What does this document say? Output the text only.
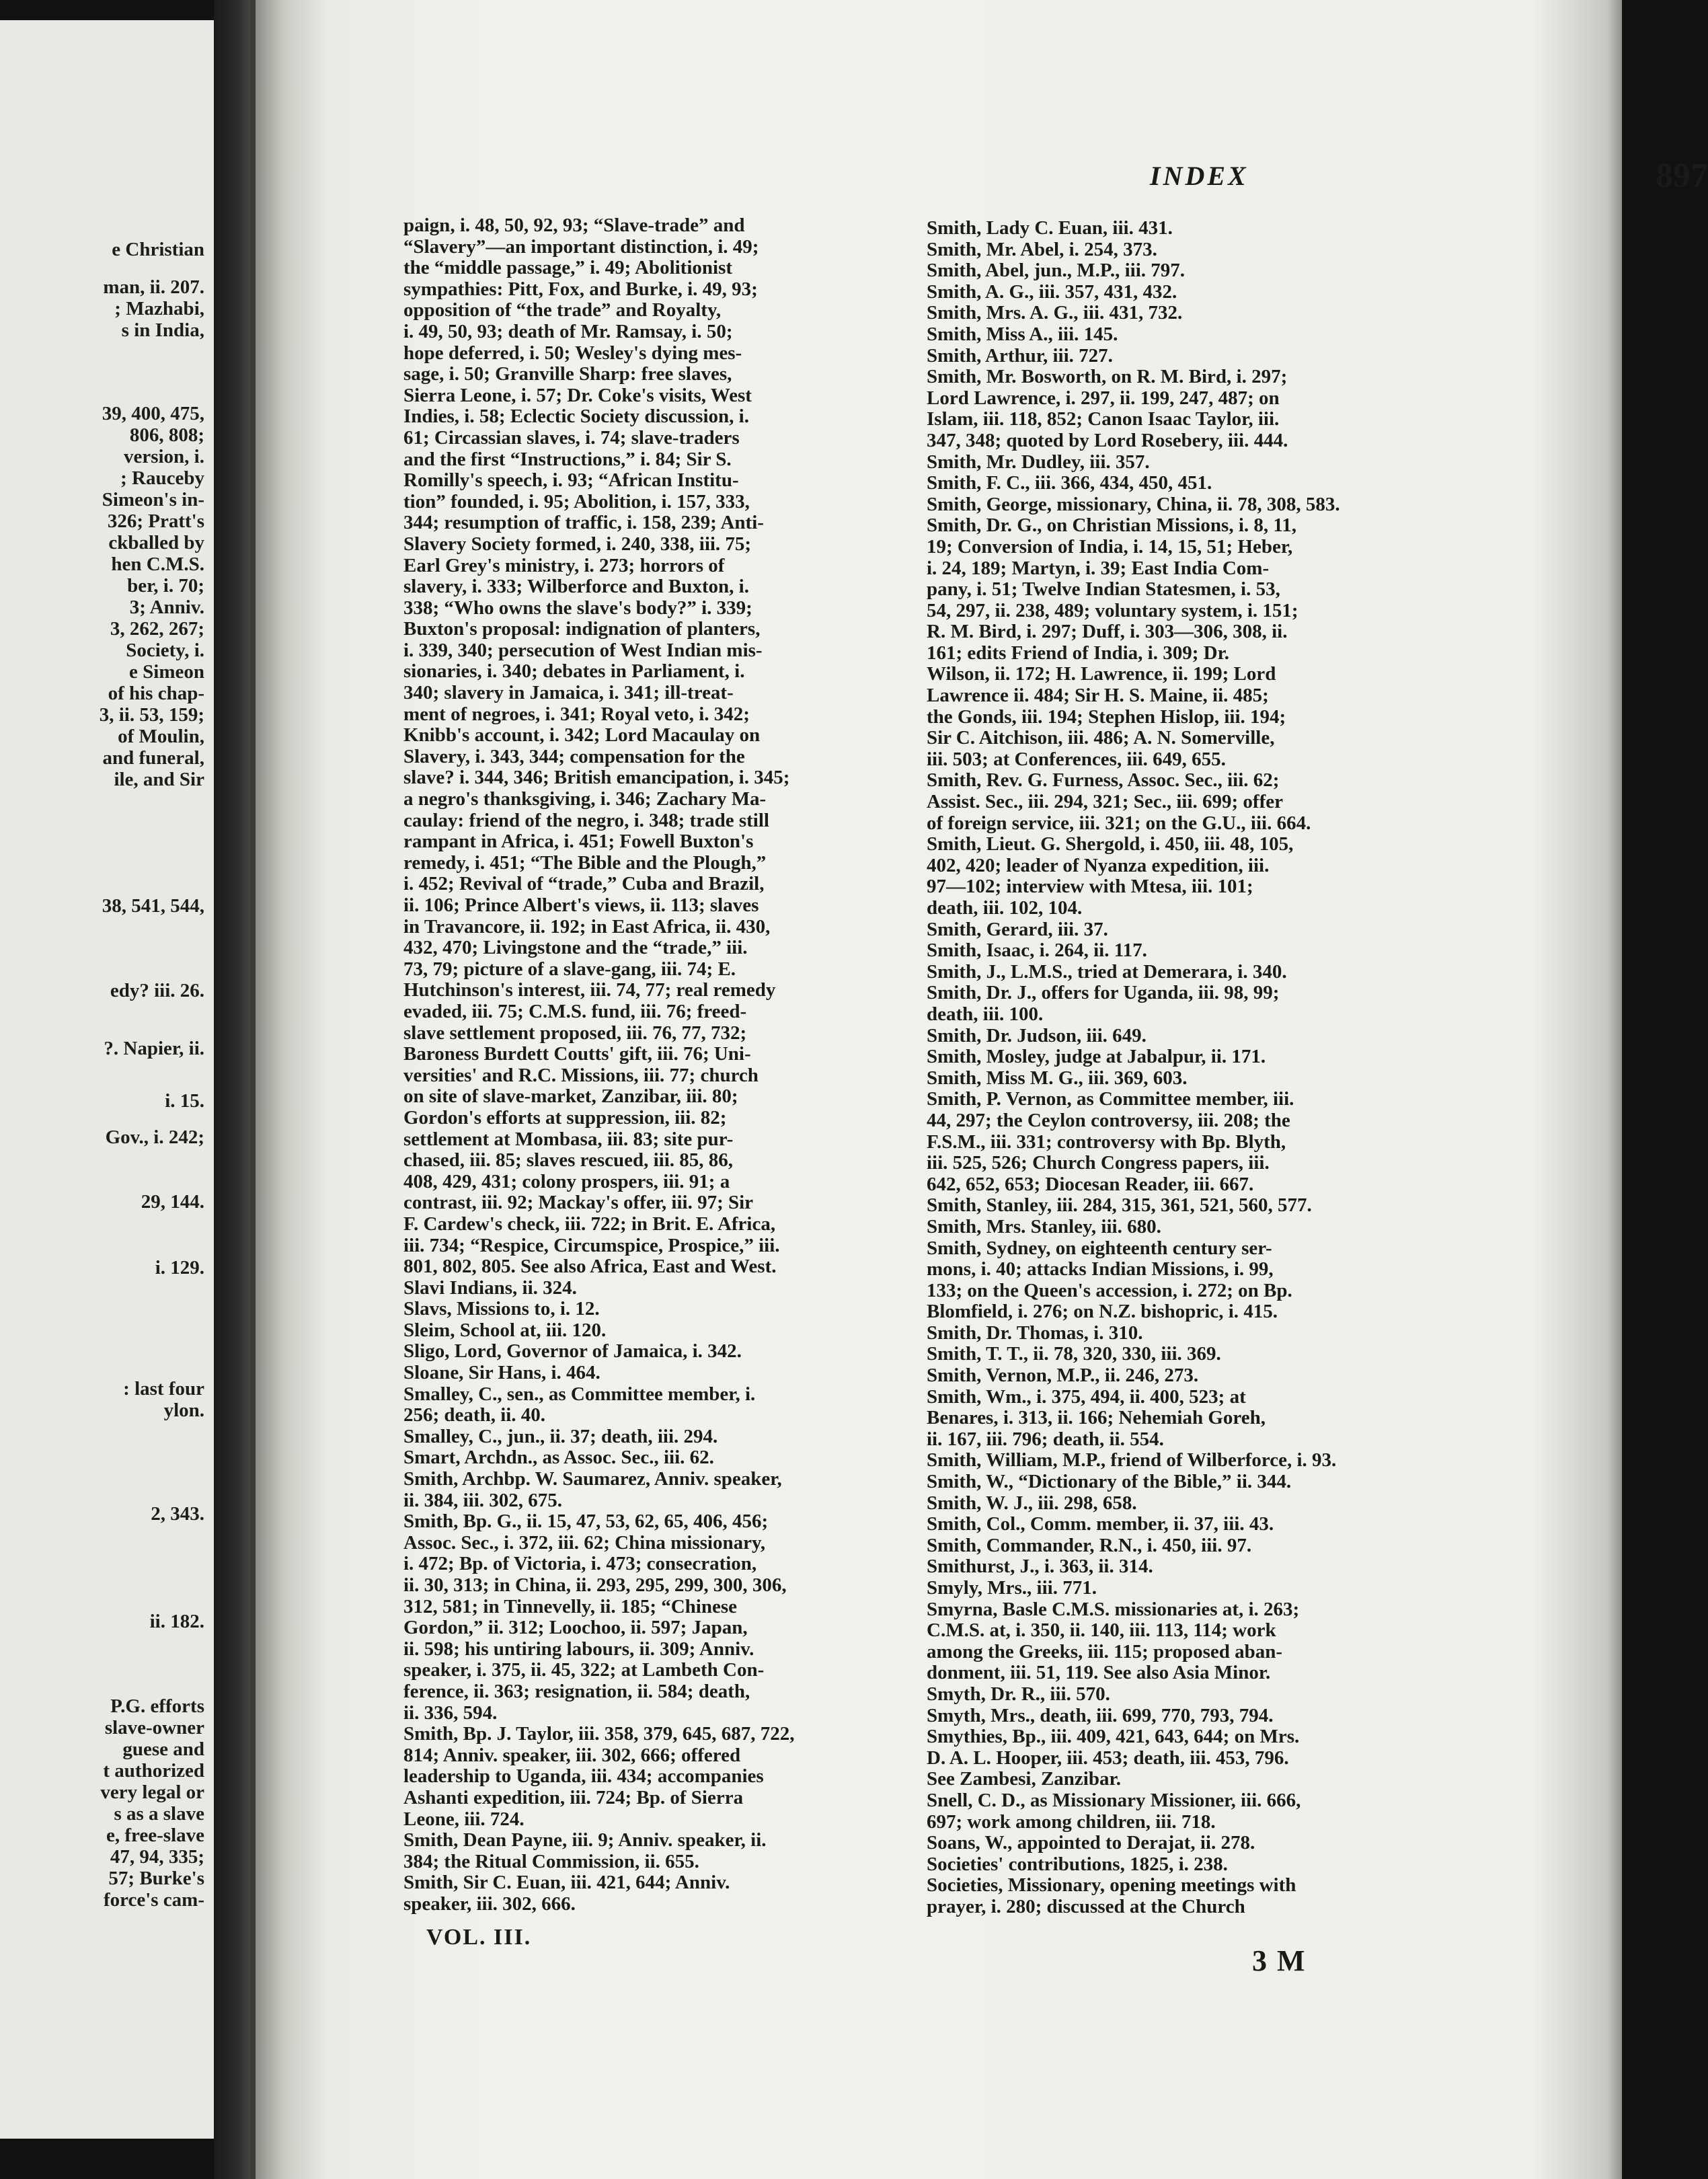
e Christian
man, ii. 207.
; Mazhabi,
s in India,
39, 400, 475,
806, 808;
version, i.
; Rauceby
Simeon's in-
326; Pratt's
ckballed by
hen C.M.S.
ber, i. 70;
3; Anniv.
3, 262, 267;
Society, i.
e Simeon
of his chap-
3, ii. 53, 159;
of Moulin,
and funeral,
ile, and Sir
38, 541, 544,
edy? iii. 26.
?. Napier, ii.
i. 15.
Gov., i. 242;
29, 144.
i. 129.
: last four
ylon.
2, 343.
ii. 182.
P.G. efforts
slave-owner
guese and
t authorized
very legal or
s as a slave
e, free-slave
47, 94, 335;
57; Burke's
force's cam-
INDEX	897
paign, i. 48, 50, 92, 93; “Slave-trade” and
“Slavery”—an important distinction, i. 49;
the “middle passage,” i. 49; Abolitionist
sympathies: Pitt, Fox, and Burke, i. 49, 93;
opposition of “the trade” and Royalty,
i. 49, 50, 93; death of Mr. Ramsay, i. 50;
hope deferred, i. 50; Wesley's dying mes-
sage, i. 50; Granville Sharp: free slaves,
Sierra Leone, i. 57; Dr. Coke's visits, West
Indies, i. 58; Eclectic Society discussion, i.
61; Circassian slaves, i. 74; slave-traders
and the first “Instructions,” i. 84; Sir S.
Romilly's speech, i. 93; “African Institu-
tion” founded, i. 95; Abolition, i. 157, 333,
344; resumption of traffic, i. 158, 239; Anti-
Slavery Society formed, i. 240, 338, iii. 75;
Earl Grey's ministry, i. 273; horrors of
slavery, i. 333; Wilberforce and Buxton, i.
338; “Who owns the slave's body?” i. 339;
Buxton's proposal: indignation of planters,
i. 339, 340; persecution of West Indian mis-
sionaries, i. 340; debates in Parliament, i.
340; slavery in Jamaica, i. 341; ill-treat-
ment of negroes, i. 341; Royal veto, i. 342;
Knibb's account, i. 342; Lord Macaulay on
Slavery, i. 343, 344; compensation for the
slave? i. 344, 346; British emancipation, i. 345;
a negro's thanksgiving, i. 346; Zachary Ma-
caulay: friend of the negro, i. 348; trade still
rampant in Africa, i. 451; Fowell Buxton's
remedy, i. 451; “The Bible and the Plough,”
i. 452; Revival of “trade,” Cuba and Brazil,
ii. 106; Prince Albert's views, ii. 113; slaves
in Travancore, ii. 192; in East Africa, ii. 430,
432, 470; Livingstone and the “trade,” iii.
73, 79; picture of a slave-gang, iii. 74; E.
Hutchinson's interest, iii. 74, 77; real remedy
evaded, iii. 75; C.M.S. fund, iii. 76; freed-
slave settlement proposed, iii. 76, 77, 732;
Baroness Burdett Coutts' gift, iii. 76; Uni-
versities' and R.C. Missions, iii. 77; church
on site of slave-market, Zanzibar, iii. 80;
Gordon's efforts at suppression, iii. 82;
settlement at Mombasa, iii. 83; site pur-
chased, iii. 85; slaves rescued, iii. 85, 86,
408, 429, 431; colony prospers, iii. 91; a
contrast, iii. 92; Mackay's offer, iii. 97; Sir
F. Cardew's check, iii. 722; in Brit. E. Africa,
iii. 734; “Respice, Circumspice, Prospice,” iii.
801, 802, 805. See also Africa, East and West.
Slavi Indians, ii. 324.
Slavs, Missions to, i. 12.
Sleim, School at, iii. 120.
Sligo, Lord, Governor of Jamaica, i. 342.
Sloane, Sir Hans, i. 464.
Smalley, C., sen., as Committee member, i.
256; death, ii. 40.
Smalley, C., jun., ii. 37; death, iii. 294.
Smart, Archdn., as Assoc. Sec., iii. 62.
Smith, Archbp. W. Saumarez, Anniv. speaker,
ii. 384, iii. 302, 675.
Smith, Bp. G., ii. 15, 47, 53, 62, 65, 406, 456;
Assoc. Sec., i. 372, iii. 62; China missionary,
i. 472; Bp. of Victoria, i. 473; consecration,
ii. 30, 313; in China, ii. 293, 295, 299, 300, 306,
312, 581; in Tinnevelly, ii. 185; “Chinese
Gordon,” ii. 312; Loochoo, ii. 597; Japan,
ii. 598; his untiring labours, ii. 309; Anniv.
speaker, i. 375, ii. 45, 322; at Lambeth Con-
ference, ii. 363; resignation, ii. 584; death,
ii. 336, 594.
Smith, Bp. J. Taylor, iii. 358, 379, 645, 687, 722,
814; Anniv. speaker, iii. 302, 666; offered
leadership to Uganda, iii. 434; accompanies
Ashanti expedition, iii. 724; Bp. of Sierra
Leone, iii. 724.
Smith, Dean Payne, iii. 9; Anniv. speaker, ii.
384; the Ritual Commission, ii. 655.
Smith, Sir C. Euan, iii. 421, 644; Anniv.
speaker, iii. 302, 666.
Smith, Lady C. Euan, iii. 431.
Smith, Mr. Abel, i. 254, 373.
Smith, Abel, jun., M.P., iii. 797.
Smith, A. G., iii. 357, 431, 432.
Smith, Mrs. A. G., iii. 431, 732.
Smith, Miss A., iii. 145.
Smith, Arthur, iii. 727.
Smith, Mr. Bosworth, on R. M. Bird, i. 297;
Lord Lawrence, i. 297, ii. 199, 247, 487; on
Islam, iii. 118, 852; Canon Isaac Taylor, iii.
347, 348; quoted by Lord Rosebery, iii. 444.
Smith, Mr. Dudley, iii. 357.
Smith, F. C., iii. 366, 434, 450, 451.
Smith, George, missionary, China, ii. 78, 308, 583.
Smith, Dr. G., on Christian Missions, i. 8, 11,
19; Conversion of India, i. 14, 15, 51; Heber,
i. 24, 189; Martyn, i. 39; East India Com-
pany, i. 51; Twelve Indian Statesmen, i. 53,
54, 297, ii. 238, 489; voluntary system, i. 151;
R. M. Bird, i. 297; Duff, i. 303—306, 308, ii.
161; edits Friend of India, i. 309; Dr.
Wilson, ii. 172; H. Lawrence, ii. 199; Lord
Lawrence ii. 484; Sir H. S. Maine, ii. 485;
the Gonds, iii. 194; Stephen Hislop, iii. 194;
Sir C. Aitchison, iii. 486; A. N. Somerville,
iii. 503; at Conferences, iii. 649, 655.
Smith, Rev. G. Furness, Assoc. Sec., iii. 62;
Assist. Sec., iii. 294, 321; Sec., iii. 699; offer
of foreign service, iii. 321; on the G.U., iii. 664.
Smith, Lieut. G. Shergold, i. 450, iii. 48, 105,
402, 420; leader of Nyanza expedition, iii.
97—102; interview with Mtesa, iii. 101;
death, iii. 102, 104.
Smith, Gerard, iii. 37.
Smith, Isaac, i. 264, ii. 117.
Smith, J., L.M.S., tried at Demerara, i. 340.
Smith, Dr. J., offers for Uganda, iii. 98, 99;
death, iii. 100.
Smith, Dr. Judson, iii. 649.
Smith, Mosley, judge at Jabalpur, ii. 171.
Smith, Miss M. G., iii. 369, 603.
Smith, P. Vernon, as Committee member, iii.
44, 297; the Ceylon controversy, iii. 208; the
F.S.M., iii. 331; controversy with Bp. Blyth,
iii. 525, 526; Church Congress papers, iii.
642, 652, 653; Diocesan Reader, iii. 667.
Smith, Stanley, iii. 284, 315, 361, 521, 560, 577.
Smith, Mrs. Stanley, iii. 680.
Smith, Sydney, on eighteenth century ser-
mons, i. 40; attacks Indian Missions, i. 99,
133; on the Queen's accession, i. 272; on Bp.
Blomfield, i. 276; on N.Z. bishopric, i. 415.
Smith, Dr. Thomas, i. 310.
Smith, T. T., ii. 78, 320, 330, iii. 369.
Smith, Vernon, M.P., ii. 246, 273.
Smith, Wm., i. 375, 494, ii. 400, 523; at
Benares, i. 313, ii. 166; Nehemiah Goreh,
ii. 167, iii. 796; death, ii. 554.
Smith, William, M.P., friend of Wilberforce, i. 93.
Smith, W., “Dictionary of the Bible,” ii. 344.
Smith, W. J., iii. 298, 658.
Smith, Col., Comm. member, ii. 37, iii. 43.
Smith, Commander, R.N., i. 450, iii. 97.
Smithurst, J., i. 363, ii. 314.
Smyly, Mrs., iii. 771.
Smyrna, Basle C.M.S. missionaries at, i. 263;
C.M.S. at, i. 350, ii. 140, iii. 113, 114; work
among the Greeks, iii. 115; proposed aban-
donment, iii. 51, 119. See also Asia Minor.
Smyth, Dr. R., iii. 570.
Smyth, Mrs., death, iii. 699, 770, 793, 794.
Smythies, Bp., iii. 409, 421, 643, 644; on Mrs.
D. A. L. Hooper, iii. 453; death, iii. 453, 796.
See Zambesi, Zanzibar.
Snell, C. D., as Missionary Missioner, iii. 666,
697; work among children, iii. 718.
Soans, W., appointed to Derajat, ii. 278.
Societies' contributions, 1825, i. 238.
Societies, Missionary, opening meetings with
prayer, i. 280; discussed at the Church
VOL. III.
3 M
